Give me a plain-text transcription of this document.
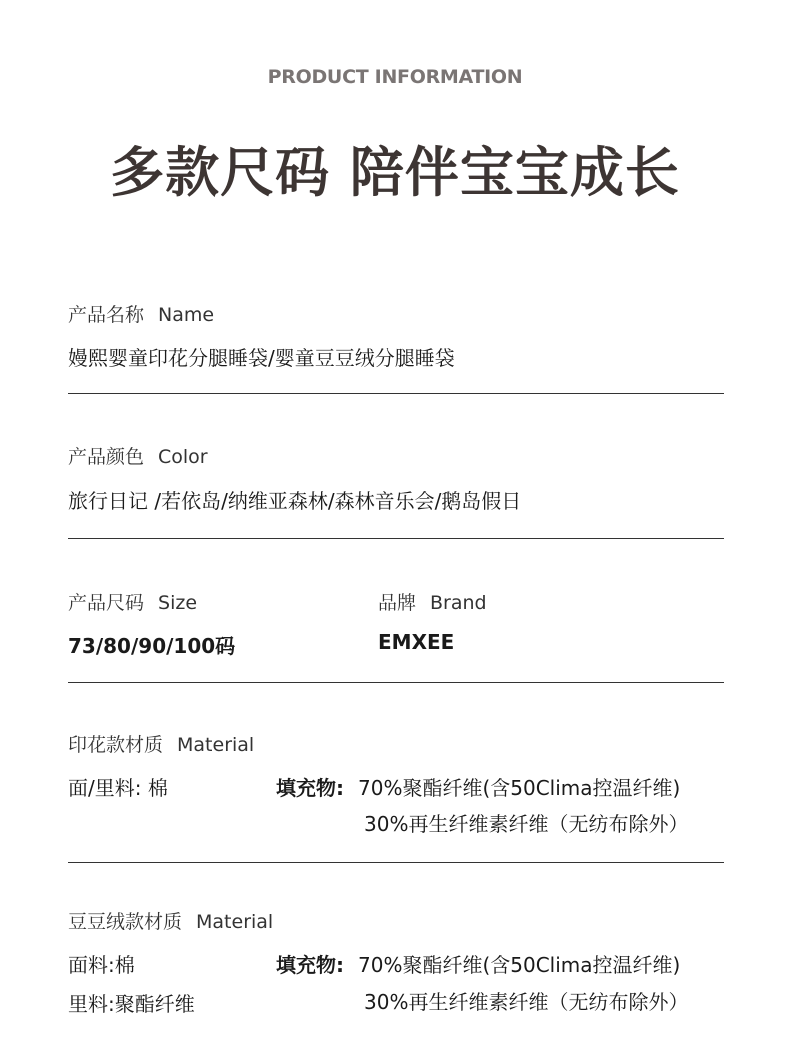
PRODUCT INFORMATION
多款尺码 陪伴宝宝成长
产品名称 Name
嫚熙婴童印花分腿睡袋/婴童豆豆绒分腿睡袋
产品颜色 Color
旅行日记 /若依岛/纳维亚森林/森林音乐会/鹅岛假日
产品尺码 Size
73/80/90/100码
品牌 Brand
EMXEE
印花款材质 Material
面/里料: 棉	填充物: 70%聚酯纤维(含50Clima控温纤维)
30%再生纤维素纤维（无纺布除外）
豆豆绒款材质 Material
面料:棉
里料:聚酯纤维
填充物: 70%聚酯纤维(含50Clima控温纤维)
30%再生纤维素纤维（无纺布除外）
